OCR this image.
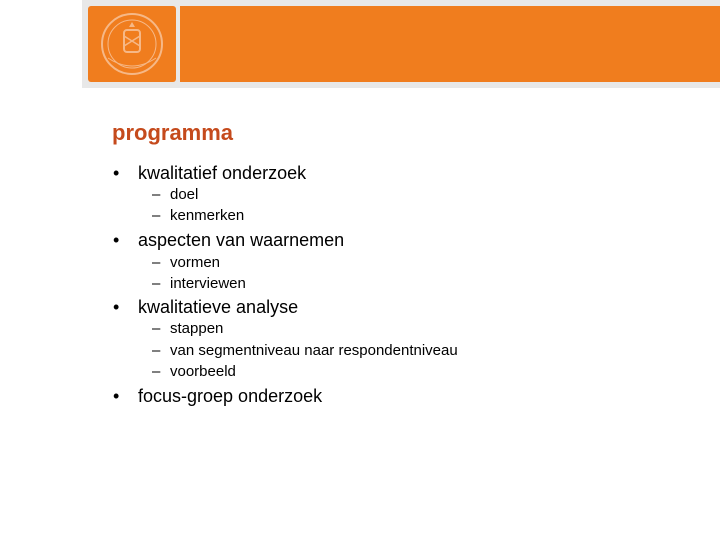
programma
• kwalitatief onderzoek
– doel
– kenmerken
• aspecten van waarnemen
– vormen
– interviewen
• kwalitatieve analyse
– stappen
– van segmentniveau naar respondentniveau
– voorbeeld
• focus-groep onderzoek
